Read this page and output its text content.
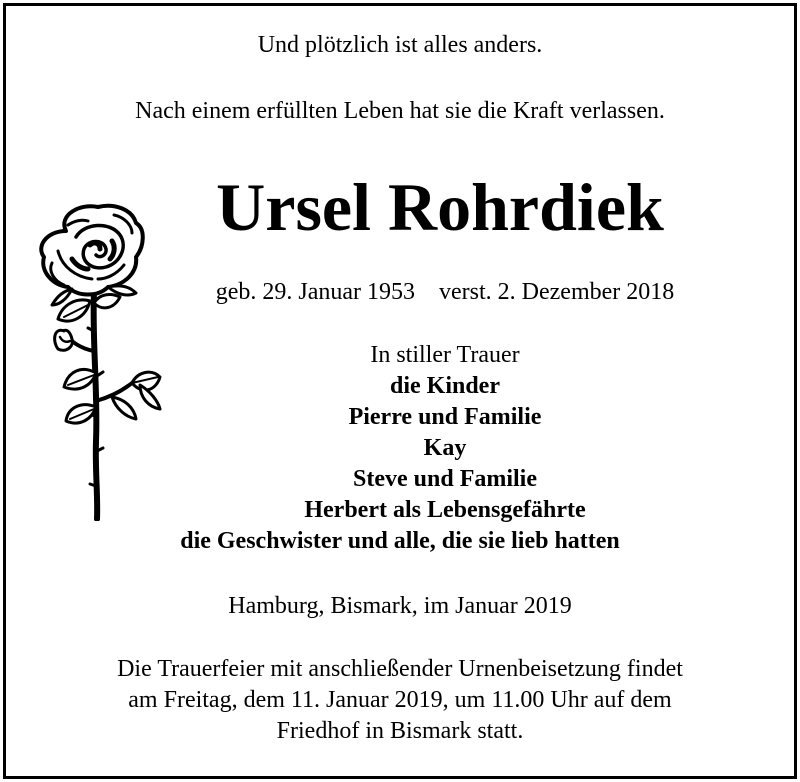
Und plötzlich ist alles anders.
Nach einem erfüllten Leben hat sie die Kraft verlassen.
Ursel Rohrdiek
geb. 29. Januar 1953 verst. 2. Dezember 2018
In stiller Trauer
die Kinder
Pierre und Familie
Kay
Steve und Familie
Herbert als Lebensgefährte
die Geschwister und alle, die sie lieb hatten
Hamburg, Bismark, im Januar 2019
Die Trauerfeier mit anschließender Urnenbeisetzung findet
am Freitag, dem 11. Januar 2019, um 11.00 Uhr auf dem
Friedhof in Bismark statt.
